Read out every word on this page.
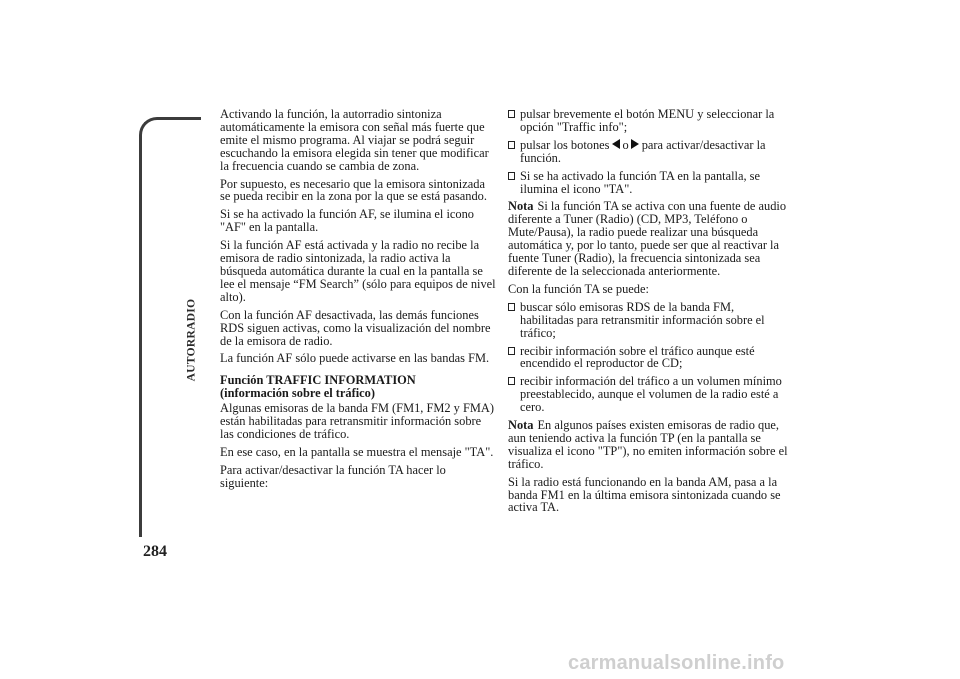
AUTORRADIO
284

Activando la función, la autorradio sintoniza automáticamente la emisora con señal más fuerte que emite el mismo programa. Al viajar se podrá seguir escuchando la emisora elegida sin tener que modificar la frecuencia cuando se cambia de zona.

Por supuesto, es necesario que la emisora sintonizada se pueda recibir en la zona por la que se está pasando.

Si se ha activado la función AF, se ilumina el icono "AF" en la pantalla.

Si la función AF está activada y la radio no recibe la emisora de radio sintonizada, la radio activa la búsqueda automática durante la cual en la pantalla se lee el mensaje “FM Search” (sólo para equipos de nivel alto).

Con la función AF desactivada, las demás funciones RDS siguen activas, como la visualización del nombre de la emisora de radio.

La función AF sólo puede activarse en las bandas FM.

Función TRAFFIC INFORMATION
(información sobre el tráfico)

Algunas emisoras de la banda FM (FM1, FM2 y FMA) están habilitadas para retransmitir información sobre las condiciones de tráfico.

En ese caso, en la pantalla se muestra el mensaje "TA".

Para activar/desactivar la función TA hacer lo siguiente:

pulsar brevemente el botón MENU y seleccionar la opción "Traffic info";
pulsar los botones o para activar/desactivar la función.
Si se ha activado la función TA en la pantalla, se ilumina el icono "TA".

Nota Si la función TA se activa con una fuente de audio diferente a Tuner (Radio) (CD, MP3, Teléfono o Mute/Pausa), la radio puede realizar una búsqueda automática y, por lo tanto, puede ser que al reactivar la fuente Tuner (Radio), la frecuencia sintonizada sea diferente de la seleccionada anteriormente.

Con la función TA se puede:

buscar sólo emisoras RDS de la banda FM, habilitadas para retransmitir información sobre el tráfico;
recibir información sobre el tráfico aunque esté encendido el reproductor de CD;
recibir información del tráfico a un volumen mínimo preestablecido, aunque el volumen de la radio esté a cero.

Nota En algunos países existen emisoras de radio que, aun teniendo activa la función TP (en la pantalla se visualiza el icono "TP"), no emiten información sobre el tráfico.

Si la radio está funcionando en la banda AM, pasa a la banda FM1 en la última emisora sintonizada cuando se activa TA.

carmanualsonline.info
